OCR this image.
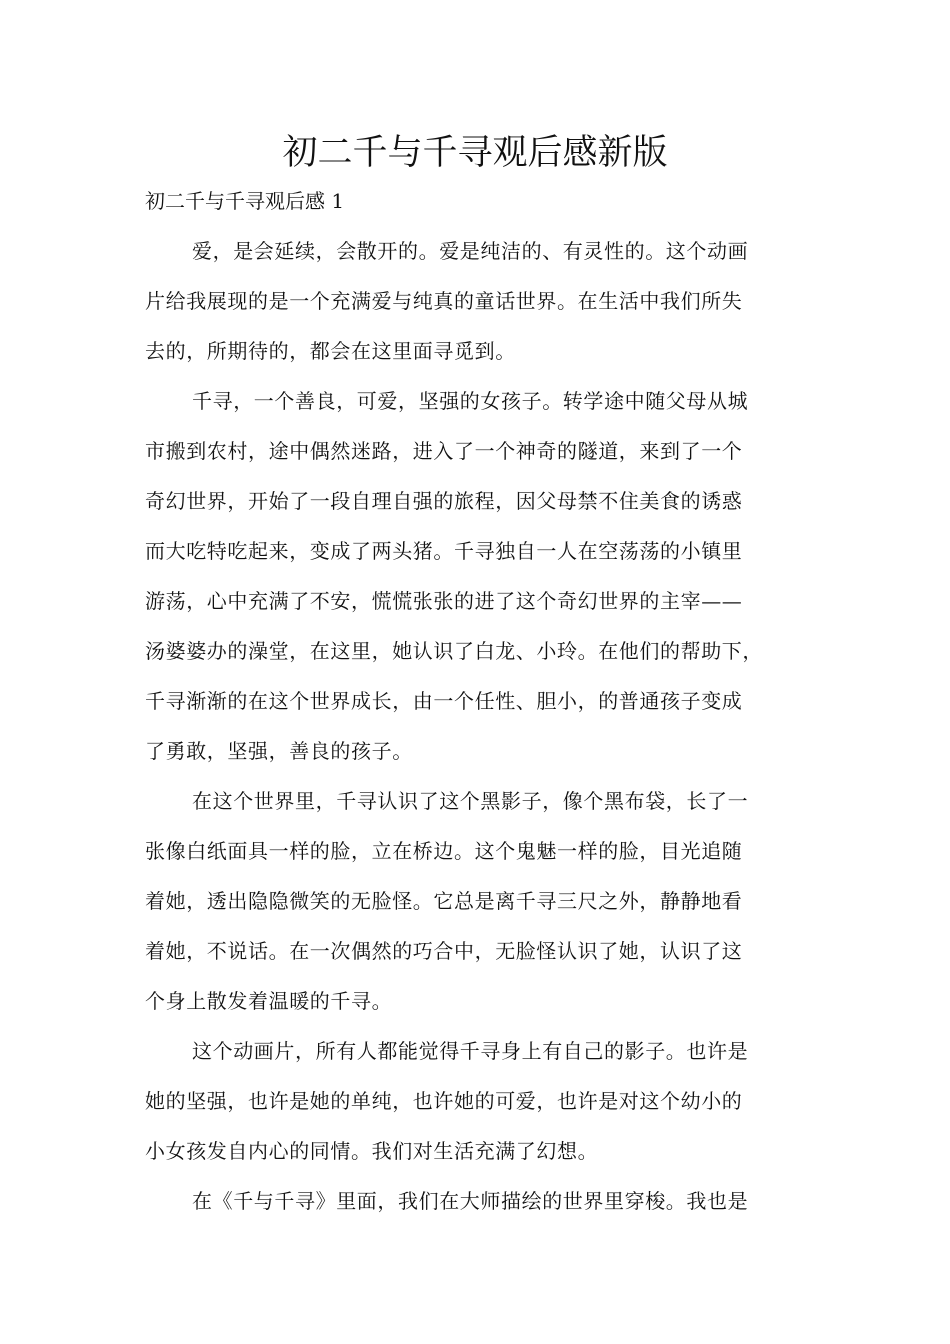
初二千与千寻观后感新版
初二千与千寻观后感 1
爱，是会延续，会散开的。爱是纯洁的、有灵性的。这个动画
片给我展现的是一个充满爱与纯真的童话世界。在生活中我们所失
去的，所期待的，都会在这里面寻觅到。
千寻，一个善良，可爱，坚强的女孩子。转学途中随父母从城
市搬到农村，途中偶然迷路，进入了一个神奇的隧道，来到了一个
奇幻世界，开始了一段自理自强的旅程，因父母禁不住美食的诱惑
而大吃特吃起来，变成了两头猪。千寻独自一人在空荡荡的小镇里
游荡，心中充满了不安，慌慌张张的进了这个奇幻世界的主宰——
汤婆婆办的澡堂，在这里，她认识了白龙、小玲。在他们的帮助下，
千寻渐渐的在这个世界成长，由一个任性、胆小，的普通孩子变成
了勇敢，坚强，善良的孩子。
在这个世界里，千寻认识了这个黑影子，像个黑布袋，长了一
张像白纸面具一样的脸，立在桥边。这个鬼魅一样的脸，目光追随
着她，透出隐隐微笑的无脸怪。它总是离千寻三尺之外，静静地看
着她，不说话。在一次偶然的巧合中，无脸怪认识了她，认识了这
个身上散发着温暖的千寻。
这个动画片，所有人都能觉得千寻身上有自己的影子。也许是
她的坚强，也许是她的单纯，也许她的可爱，也许是对这个幼小的
小女孩发自内心的同情。我们对生活充满了幻想。
在《千与千寻》里面，我们在大师描绘的世界里穿梭。我也是
